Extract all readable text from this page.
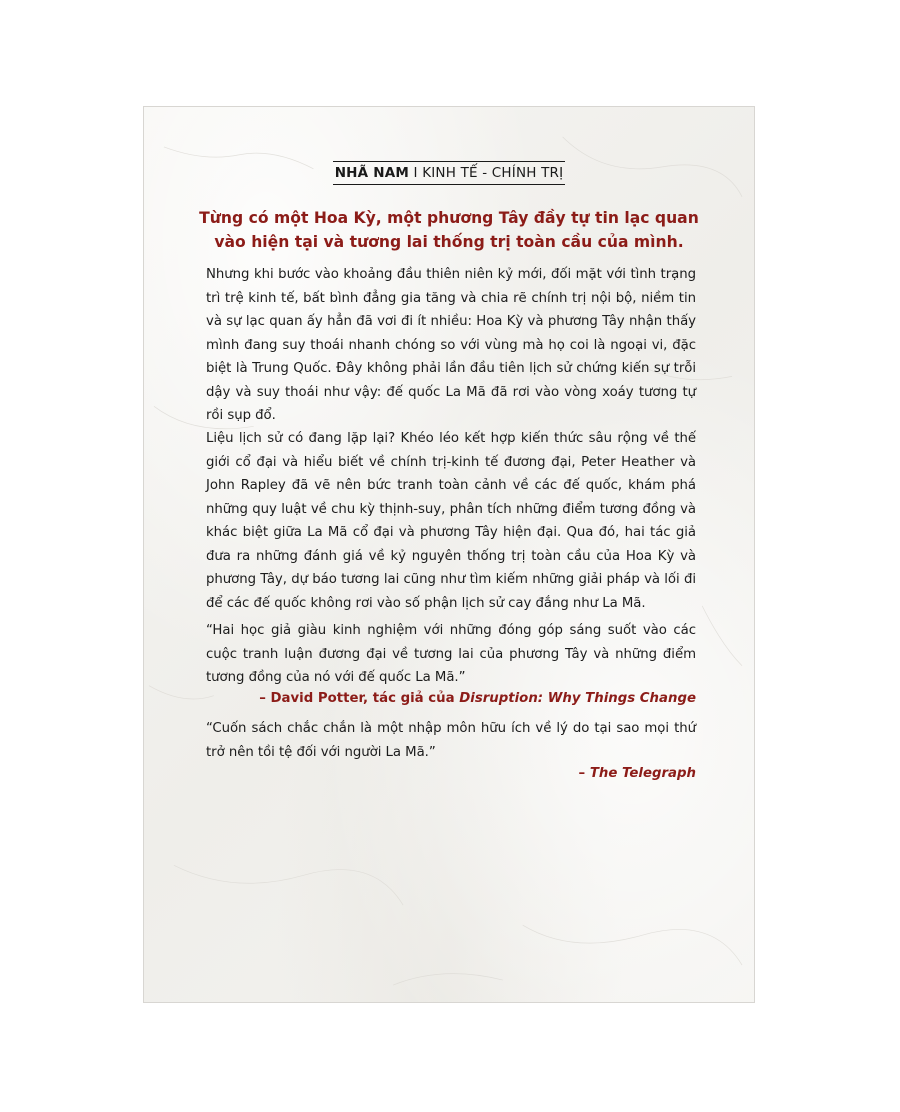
NHÃ NAM I KINH TẾ - CHÍNH TRỊ
Từng có một Hoa Kỳ, một phương Tây đầy tự tin lạc quan
vào hiện tại và tương lai thống trị toàn cầu của mình.
Nhưng khi bước vào khoảng đầu thiên niên kỷ mới, đối mặt với tình trạng trì trệ kinh tế, bất bình đẳng gia tăng và chia rẽ chính trị nội bộ, niềm tin và sự lạc quan ấy hẳn đã vơi đi ít nhiều: Hoa Kỳ và phương Tây nhận thấy mình đang suy thoái nhanh chóng so với vùng mà họ coi là ngoại vi, đặc biệt là Trung Quốc. Đây không phải lần đầu tiên lịch sử chứng kiến sự trỗi dậy và suy thoái như vậy: đế quốc La Mã đã rơi vào vòng xoáy tương tự rồi sụp đổ.
Liệu lịch sử có đang lặp lại? Khéo léo kết hợp kiến thức sâu rộng về thế giới cổ đại và hiểu biết về chính trị-kinh tế đương đại, Peter Heather và John Rapley đã vẽ nên bức tranh toàn cảnh về các đế quốc, khám phá những quy luật về chu kỳ thịnh-suy, phân tích những điểm tương đồng và khác biệt giữa La Mã cổ đại và phương Tây hiện đại. Qua đó, hai tác giả đưa ra những đánh giá về kỷ nguyên thống trị toàn cầu của Hoa Kỳ và phương Tây, dự báo tương lai cũng như tìm kiếm những giải pháp và lối đi để các đế quốc không rơi vào số phận lịch sử cay đắng như La Mã.
“Hai học giả giàu kinh nghiệm với những đóng góp sáng suốt vào các cuộc tranh luận đương đại về tương lai của phương Tây và những điểm tương đồng của nó với đế quốc La Mã.”
– David Potter, tác giả của Disruption: Why Things Change
“Cuốn sách chắc chắn là một nhập môn hữu ích về lý do tại sao mọi thứ trở nên tồi tệ đối với người La Mã.”
– The Telegraph
